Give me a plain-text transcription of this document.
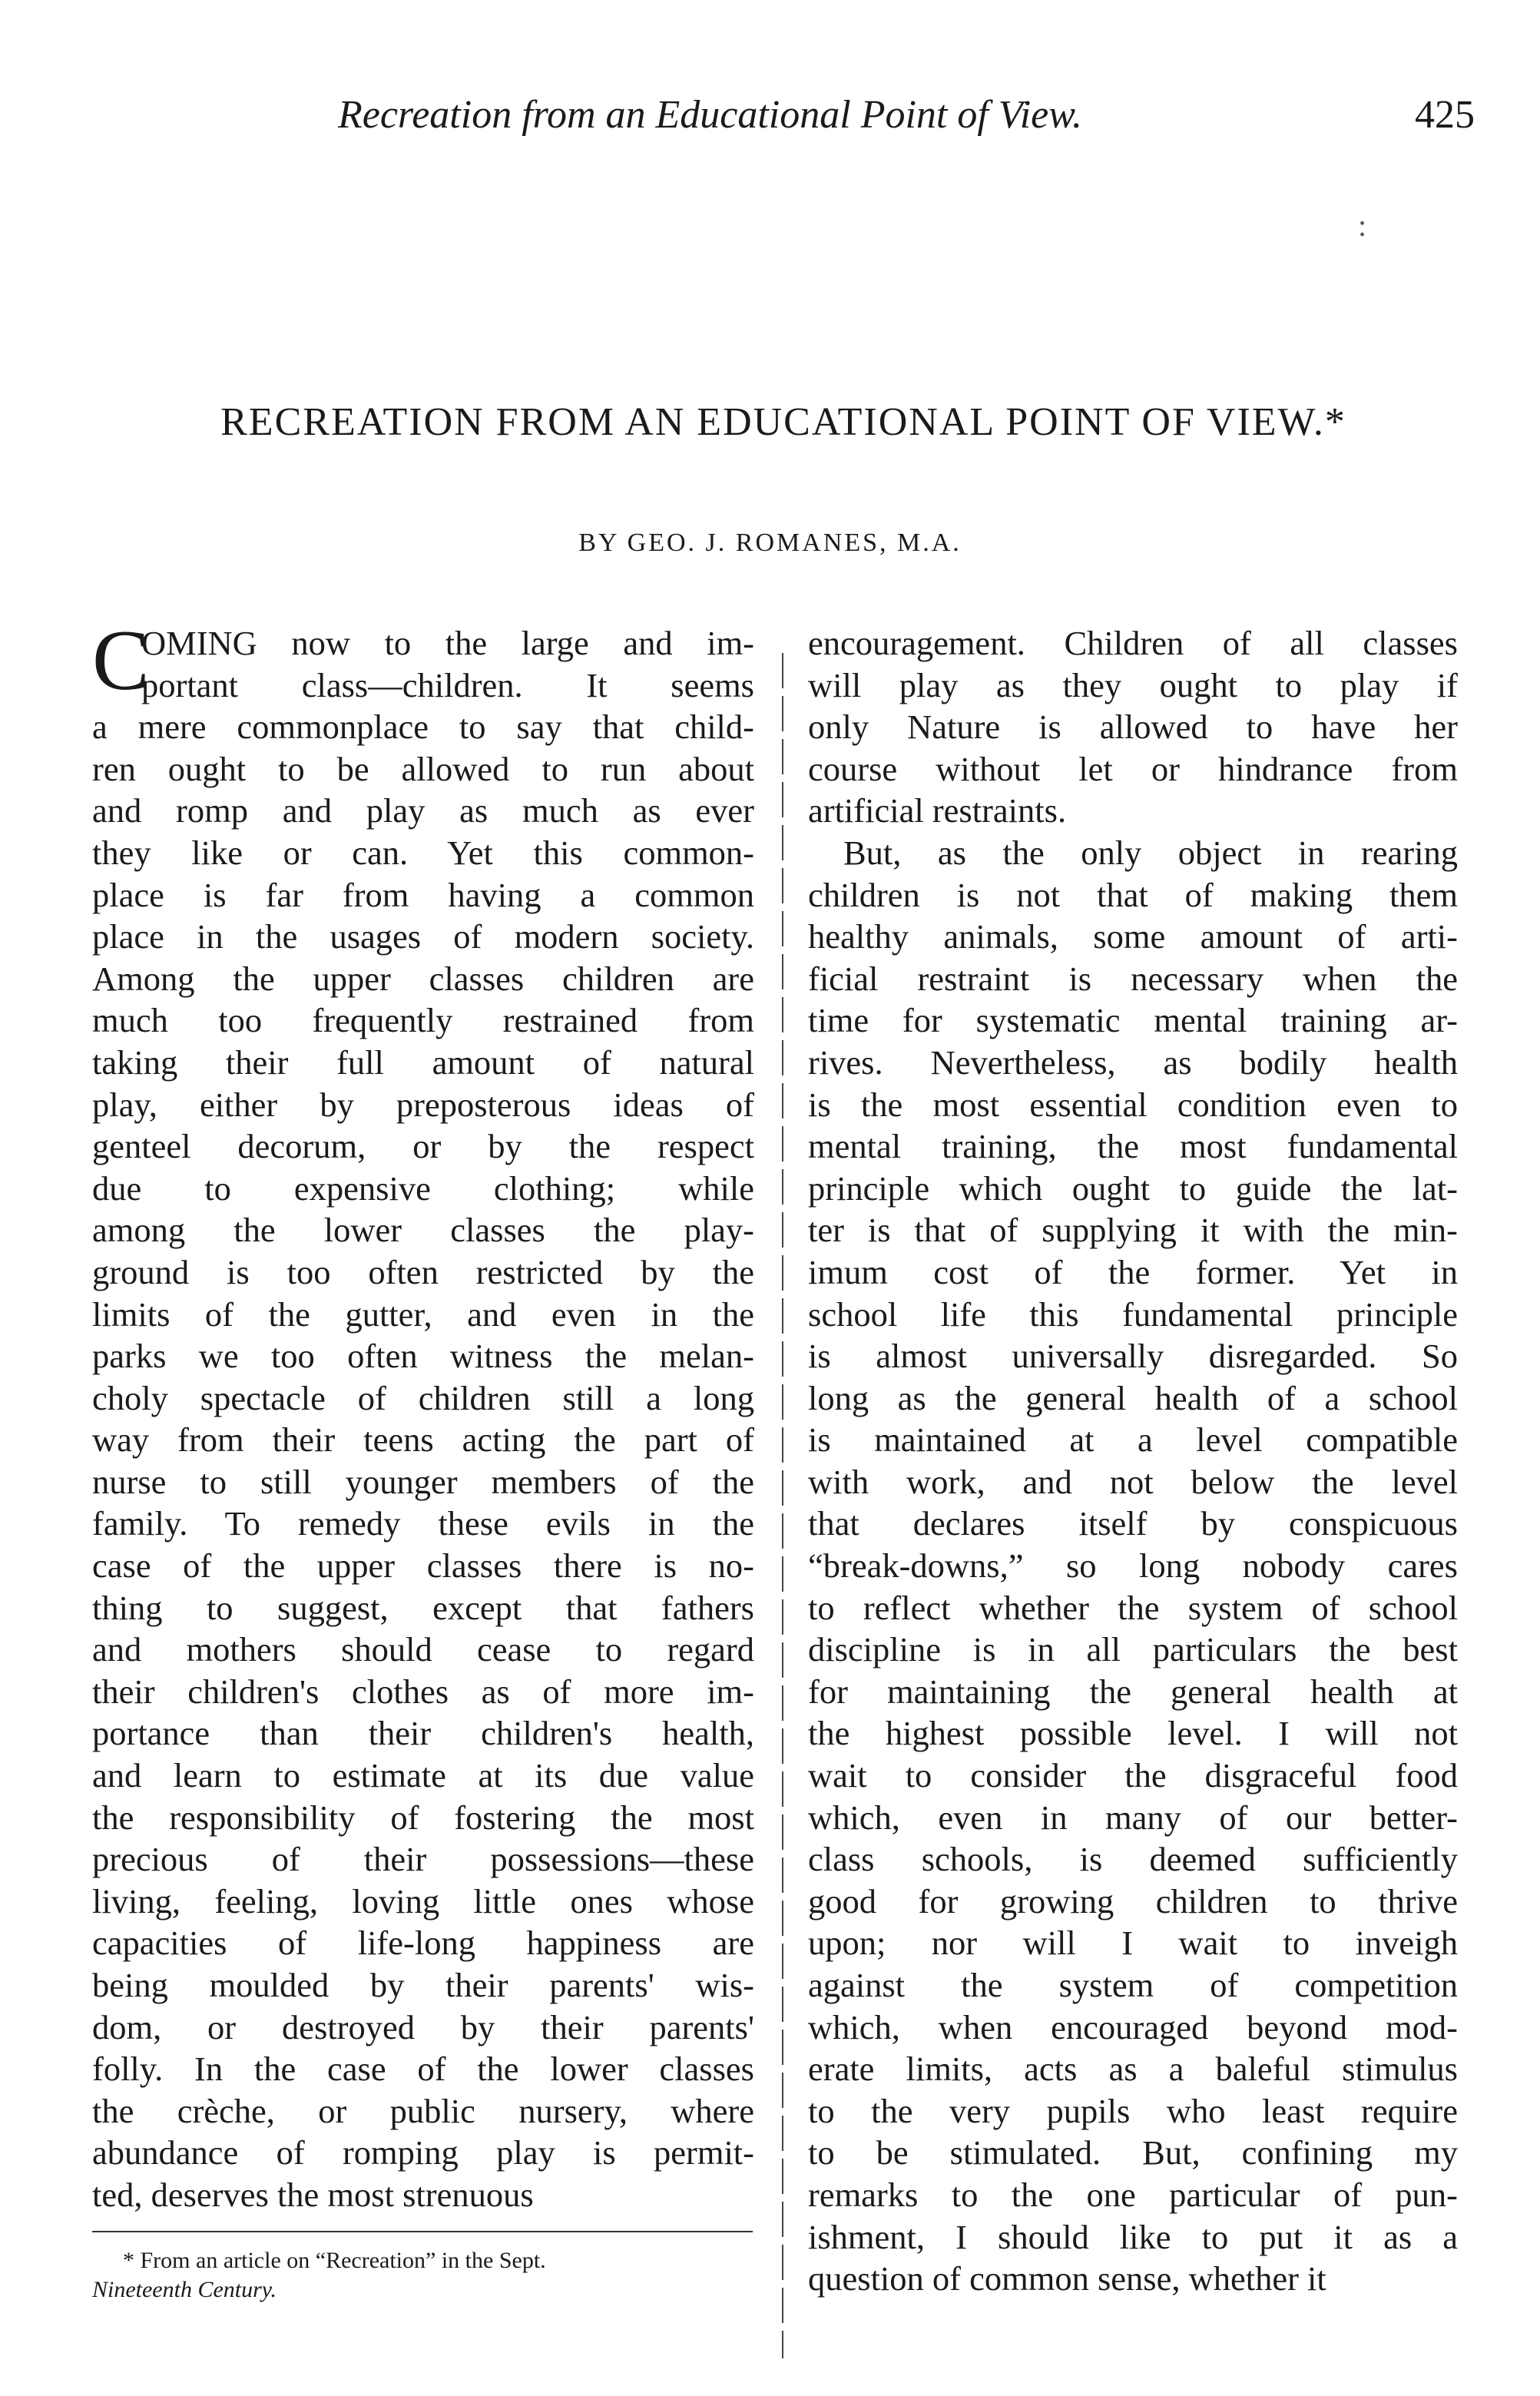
Recreation from an Educational Point of View.	425
:
RECREATION FROM AN EDUCATIONAL POINT OF VIEW.*
BY GEO. J. ROMANES, M.A.
C
OMING now to the large and im-
portant class—children. It seems
a mere commonplace to say that child-
ren ought to be allowed to run about
and romp and play as much as ever
they like or can. Yet this common-
place is far from having a common
place in the usages of modern society.
Among the upper classes children are
much too frequently restrained from
taking their full amount of natural
play, either by preposterous ideas of
genteel decorum, or by the respect
due to expensive clothing; while
among the lower classes the play-
ground is too often restricted by the
limits of the gutter, and even in the
parks we too often witness the melan-
choly spectacle of children still a long
way from their teens acting the part of
nurse to still younger members of the
family. To remedy these evils in the
case of the upper classes there is no-
thing to suggest, except that fathers
and mothers should cease to regard
their children's clothes as of more im-
portance than their children's health,
and learn to estimate at its due value
the responsibility of fostering the most
precious of their possessions—these
living, feeling, loving little ones whose
capacities of life-long happiness are
being moulded by their parents' wis-
dom, or destroyed by their parents'
folly. In the case of the lower classes
the crèche, or public nursery, where
abundance of romping play is permit-
ted, deserves the most strenuous
encouragement. Children of all classes
will play as they ought to play if
only Nature is allowed to have her
course without let or hindrance from
artificial restraints.
But, as the only object in rearing
children is not that of making them
healthy animals, some amount of arti-
ficial restraint is necessary when the
time for systematic mental training ar-
rives. Nevertheless, as bodily health
is the most essential condition even to
mental training, the most fundamental
principle which ought to guide the lat-
ter is that of supplying it with the min-
imum cost of the former. Yet in
school life this fundamental principle
is almost universally disregarded. So
long as the general health of a school
is maintained at a level compatible
with work, and not below the level
that declares itself by conspicuous
“break-downs,” so long nobody cares
to reflect whether the system of school
discipline is in all particulars the best
for maintaining the general health at
the highest possible level. I will not
wait to consider the disgraceful food
which, even in many of our better-
class schools, is deemed sufficiently
good for growing children to thrive
upon; nor will I wait to inveigh
against the system of competition
which, when encouraged beyond mod-
erate limits, acts as a baleful stimulus
to the very pupils who least require
to be stimulated. But, confining my
remarks to the one particular of pun-
ishment, I should like to put it as a
question of common sense, whether it
* From an article on “Recreation” in the Sept.
Nineteenth Century.
